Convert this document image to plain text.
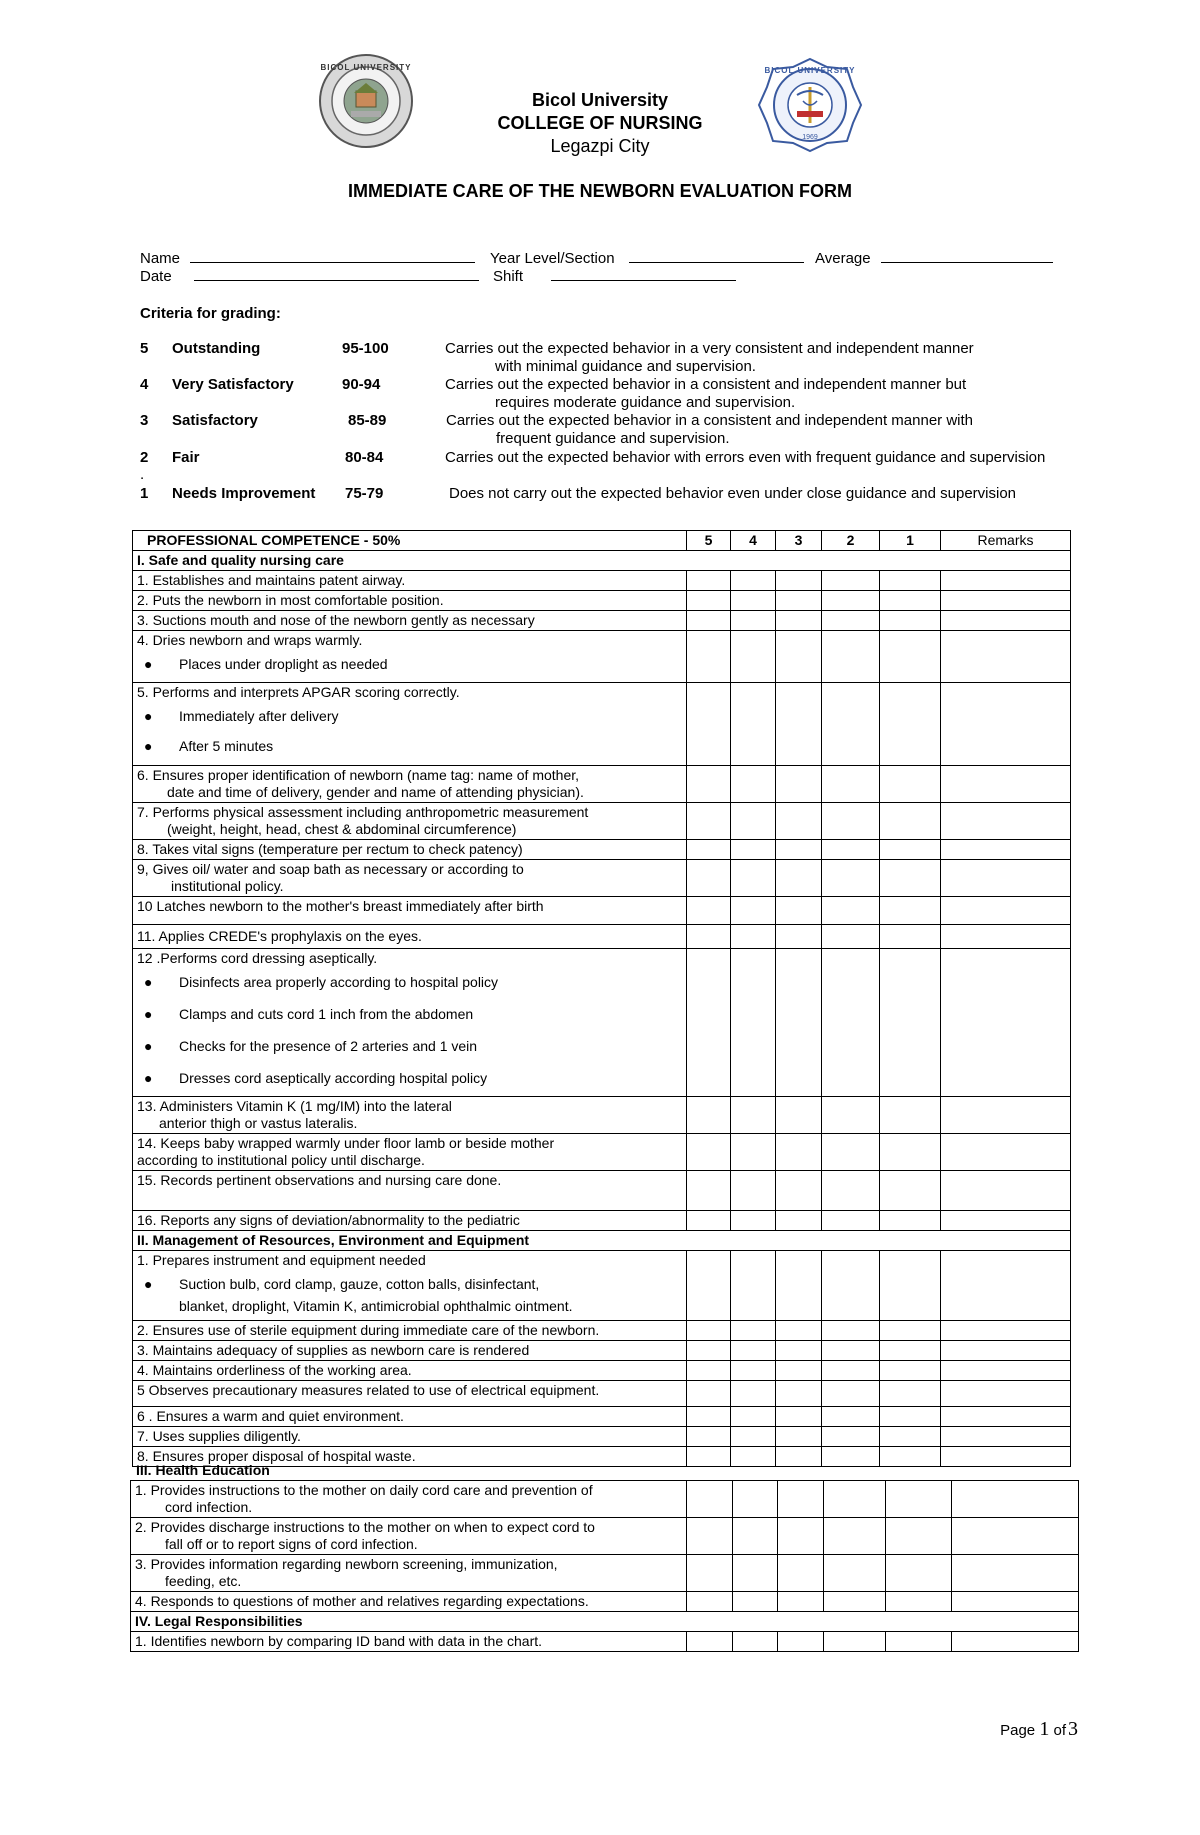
BICOL UNIVERSITY	BICOL UNIVERSITY
1969
Bicol University
COLLEGE OF NURSING
Legazpi City
IMMEDIATE CARE OF THE NEWBORN EVALUATION FORM
Name
Date
Year Level/Section	Average
Shift
Criteria for grading:
5 Outstanding	95-100	Carries out the expected behavior in a very consistent and independent manner
with minimal guidance and supervision.
4 Very Satisfactory	90-94	Carries out the expected behavior in a consistent and independent manner but
requires moderate guidance and supervision.
3 Satisfactory	85-89	Carries out the expected behavior in a consistent and independent manner with
frequent guidance and supervision.
2 Fair	80-84	Carries out the expected behavior with errors even with frequent guidance and supervision
.
1 Needs Improvement 75-79	Does not carry out the expected behavior even under close guidance and supervision
PROFESSIONAL COMPETENCE - 50%	5	4	3	2	1	Remarks
I. Safe and quality nursing care						
1. Establishes and maintains patent airway.						
2. Puts the newborn in most comfortable position.						
3. Suctions mouth and nose of the newborn gently as necessary						
4. Dries newborn and wraps warmly.
● Places under droplight as needed

5. Performs and interprets APGAR scoring correctly.
● Immediately after delivery
● After 5 minutes

6. Ensures proper identification of newborn (name tag: name of mother,
date and time of delivery, gender and name of attending physician).						

7. Performs physical assessment including anthropometric measurement
(weight, height, head, chest & abdominal circumference)						

8. Takes vital signs (temperature per rectum to check patency)						
9, Gives oil/ water and soap bath as necessary or according to
institutional policy.						

10 Latches newborn to the mother's breast immediately after birth						
11. Applies CREDE's prophylaxis on the eyes.						
12 .Performs cord dressing aseptically.
● Disinfects area properly according to hospital policy
● Clamps and cuts cord 1 inch from the abdomen
● Checks for the presence of 2 arteries and 1 vein
● Dresses cord aseptically according hospital policy

13. Administers Vitamin K (1 mg/IM) into the lateral
anterior thigh or vastus lateralis.						

14. Keeps baby wrapped warmly under floor lamb or beside mother
according to institutional policy until discharge.						

15. Records pertinent observations and nursing care done.						
16. Reports any signs of deviation/abnormality to the pediatric						
II. Management of Resources, Environment and Equipment						
1. Prepares instrument and equipment needed
● Suction bulb, cord clamp, gauze, cotton balls, disinfectant,
blanket, droplight, Vitamin K, antimicrobial ophthalmic ointment.

2. Ensures use of sterile equipment during immediate care of the newborn.						
3. Maintains adequacy of supplies as newborn care is rendered						
4. Maintains orderliness of the working area.						
5 Observes precautionary measures related to use of electrical equipment.						
6 . Ensures a warm and quiet environment.						
7. Uses supplies diligently.						
8. Ensures proper disposal of hospital waste.						
III. Health Education
1. Provides instructions to the mother on daily cord care and prevention of
cord infection.						

2. Provides discharge instructions to the mother on when to expect cord to
fall off or to report signs of cord infection.						

3. Provides information regarding newborn screening, immunization,
feeding, etc.						

4. Responds to questions of mother and relatives regarding expectations.						
IV. Legal Responsibilities						
1. Identifies newborn by comparing ID band with data in the chart.						
Page 1 of 3
